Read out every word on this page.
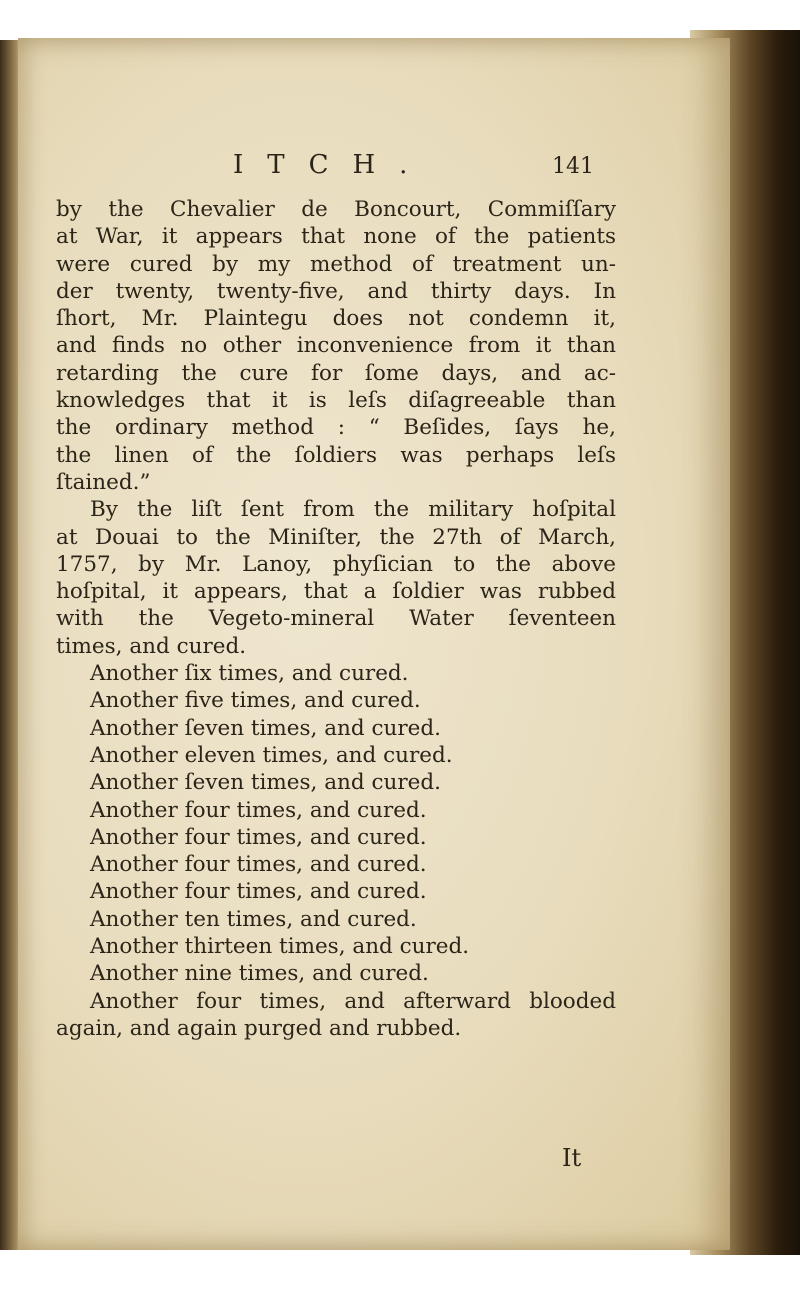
ITCH.	141
by the Chevalier de Boncourt, Commiſſary
at War, it appears that none of the patients
were cured by my method of treatment un-
der twenty, twenty-five, and thirty days. In
ſhort, Mr. Plaintegu does not condemn it,
and finds no other inconvenience from it than
retarding the cure for ſome days, and ac-
knowledges that it is leſs diſagreeable than
the ordinary method : “ Beſides, ſays he,
the linen of the ſoldiers was perhaps leſs
ſtained.”
By the liſt ſent from the military hoſpital
at Douai to the Miniſter, the 27th of March,
1757, by Mr. Lanoy, phyſician to the above
hoſpital, it appears, that a ſoldier was rubbed
with the Vegeto-mineral Water ſeventeen
times, and cured.
Another ſix times, and cured.
Another five times, and cured.
Another ſeven times, and cured.
Another eleven times, and cured.
Another ſeven times, and cured.
Another four times, and cured.
Another four times, and cured.
Another four times, and cured.
Another four times, and cured.
Another ten times, and cured.
Another thirteen times, and cured.
Another nine times, and cured.
Another four times, and afterward blooded
again, and again purged and rubbed.
It
